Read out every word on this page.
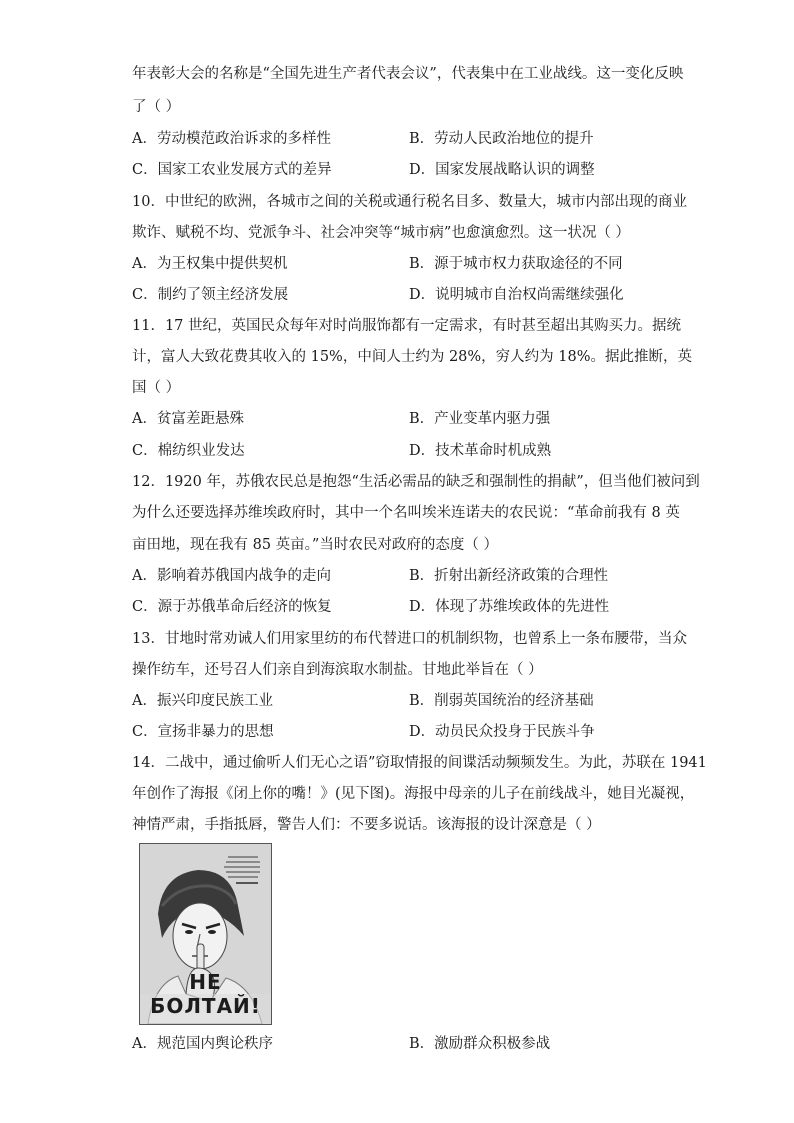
年表彰大会的名称是“全国先进生产者代表会议”，代表集中在工业战线。这一变化反映
了（ ）
A．劳动模范政治诉求的多样性	B．劳动人民政治地位的提升
C．国家工农业发展方式的差异	D．国家发展战略认识的调整
10．中世纪的欧洲，各城市之间的关税或通行税名目多、数量大，城市内部出现的商业
欺诈、赋税不均、党派争斗、社会冲突等“城市病”也愈演愈烈。这一状况（ ）
A．为王权集中提供契机	B．源于城市权力获取途径的不同
C．制约了领主经济发展	D．说明城市自治权尚需继续强化
11．17 世纪，英国民众每年对时尚服饰都有一定需求，有时甚至超出其购买力。据统
计，富人大致花费其收入的 15%，中间人士约为 28%，穷人约为 18%。据此推断，英
国（ ）
A．贫富差距悬殊	B．产业变革内驱力强
C．棉纺织业发达	D．技术革命时机成熟
12．1920 年，苏俄农民总是抱怨“生活必需品的缺乏和强制性的捐献”，但当他们被问到
为什么还要选择苏维埃政府时，其中一个名叫埃米连诺夫的农民说：“革命前我有 8 英
亩田地，现在我有 85 英亩。”当时农民对政府的态度（ ）
A．影响着苏俄国内战争的走向	B．折射出新经济政策的合理性
C．源于苏俄革命后经济的恢复	D．体现了苏维埃政体的先进性
13．甘地时常劝诫人们用家里纺的布代替进口的机制织物，也曾系上一条布腰带，当众
操作纺车，还号召人们亲自到海滨取水制盐。甘地此举旨在（ ）
A．振兴印度民族工业	B．削弱英国统治的经济基础
C．宣扬非暴力的思想	D．动员民众投身于民族斗争
14．二战中，通过偷听人们无心之语”窃取情报的间谍活动频频发生。为此，苏联在 1941
年创作了海报《闭上你的嘴！》(见下图)。海报中母亲的儿子在前线战斗，她目光凝视，
神情严肃，手指抵唇，警告人们：不要多说话。该海报的设计深意是（ ）
НЕ БОЛТАЙ!
A．规范国内舆论秩序	B．激励群众积极参战
